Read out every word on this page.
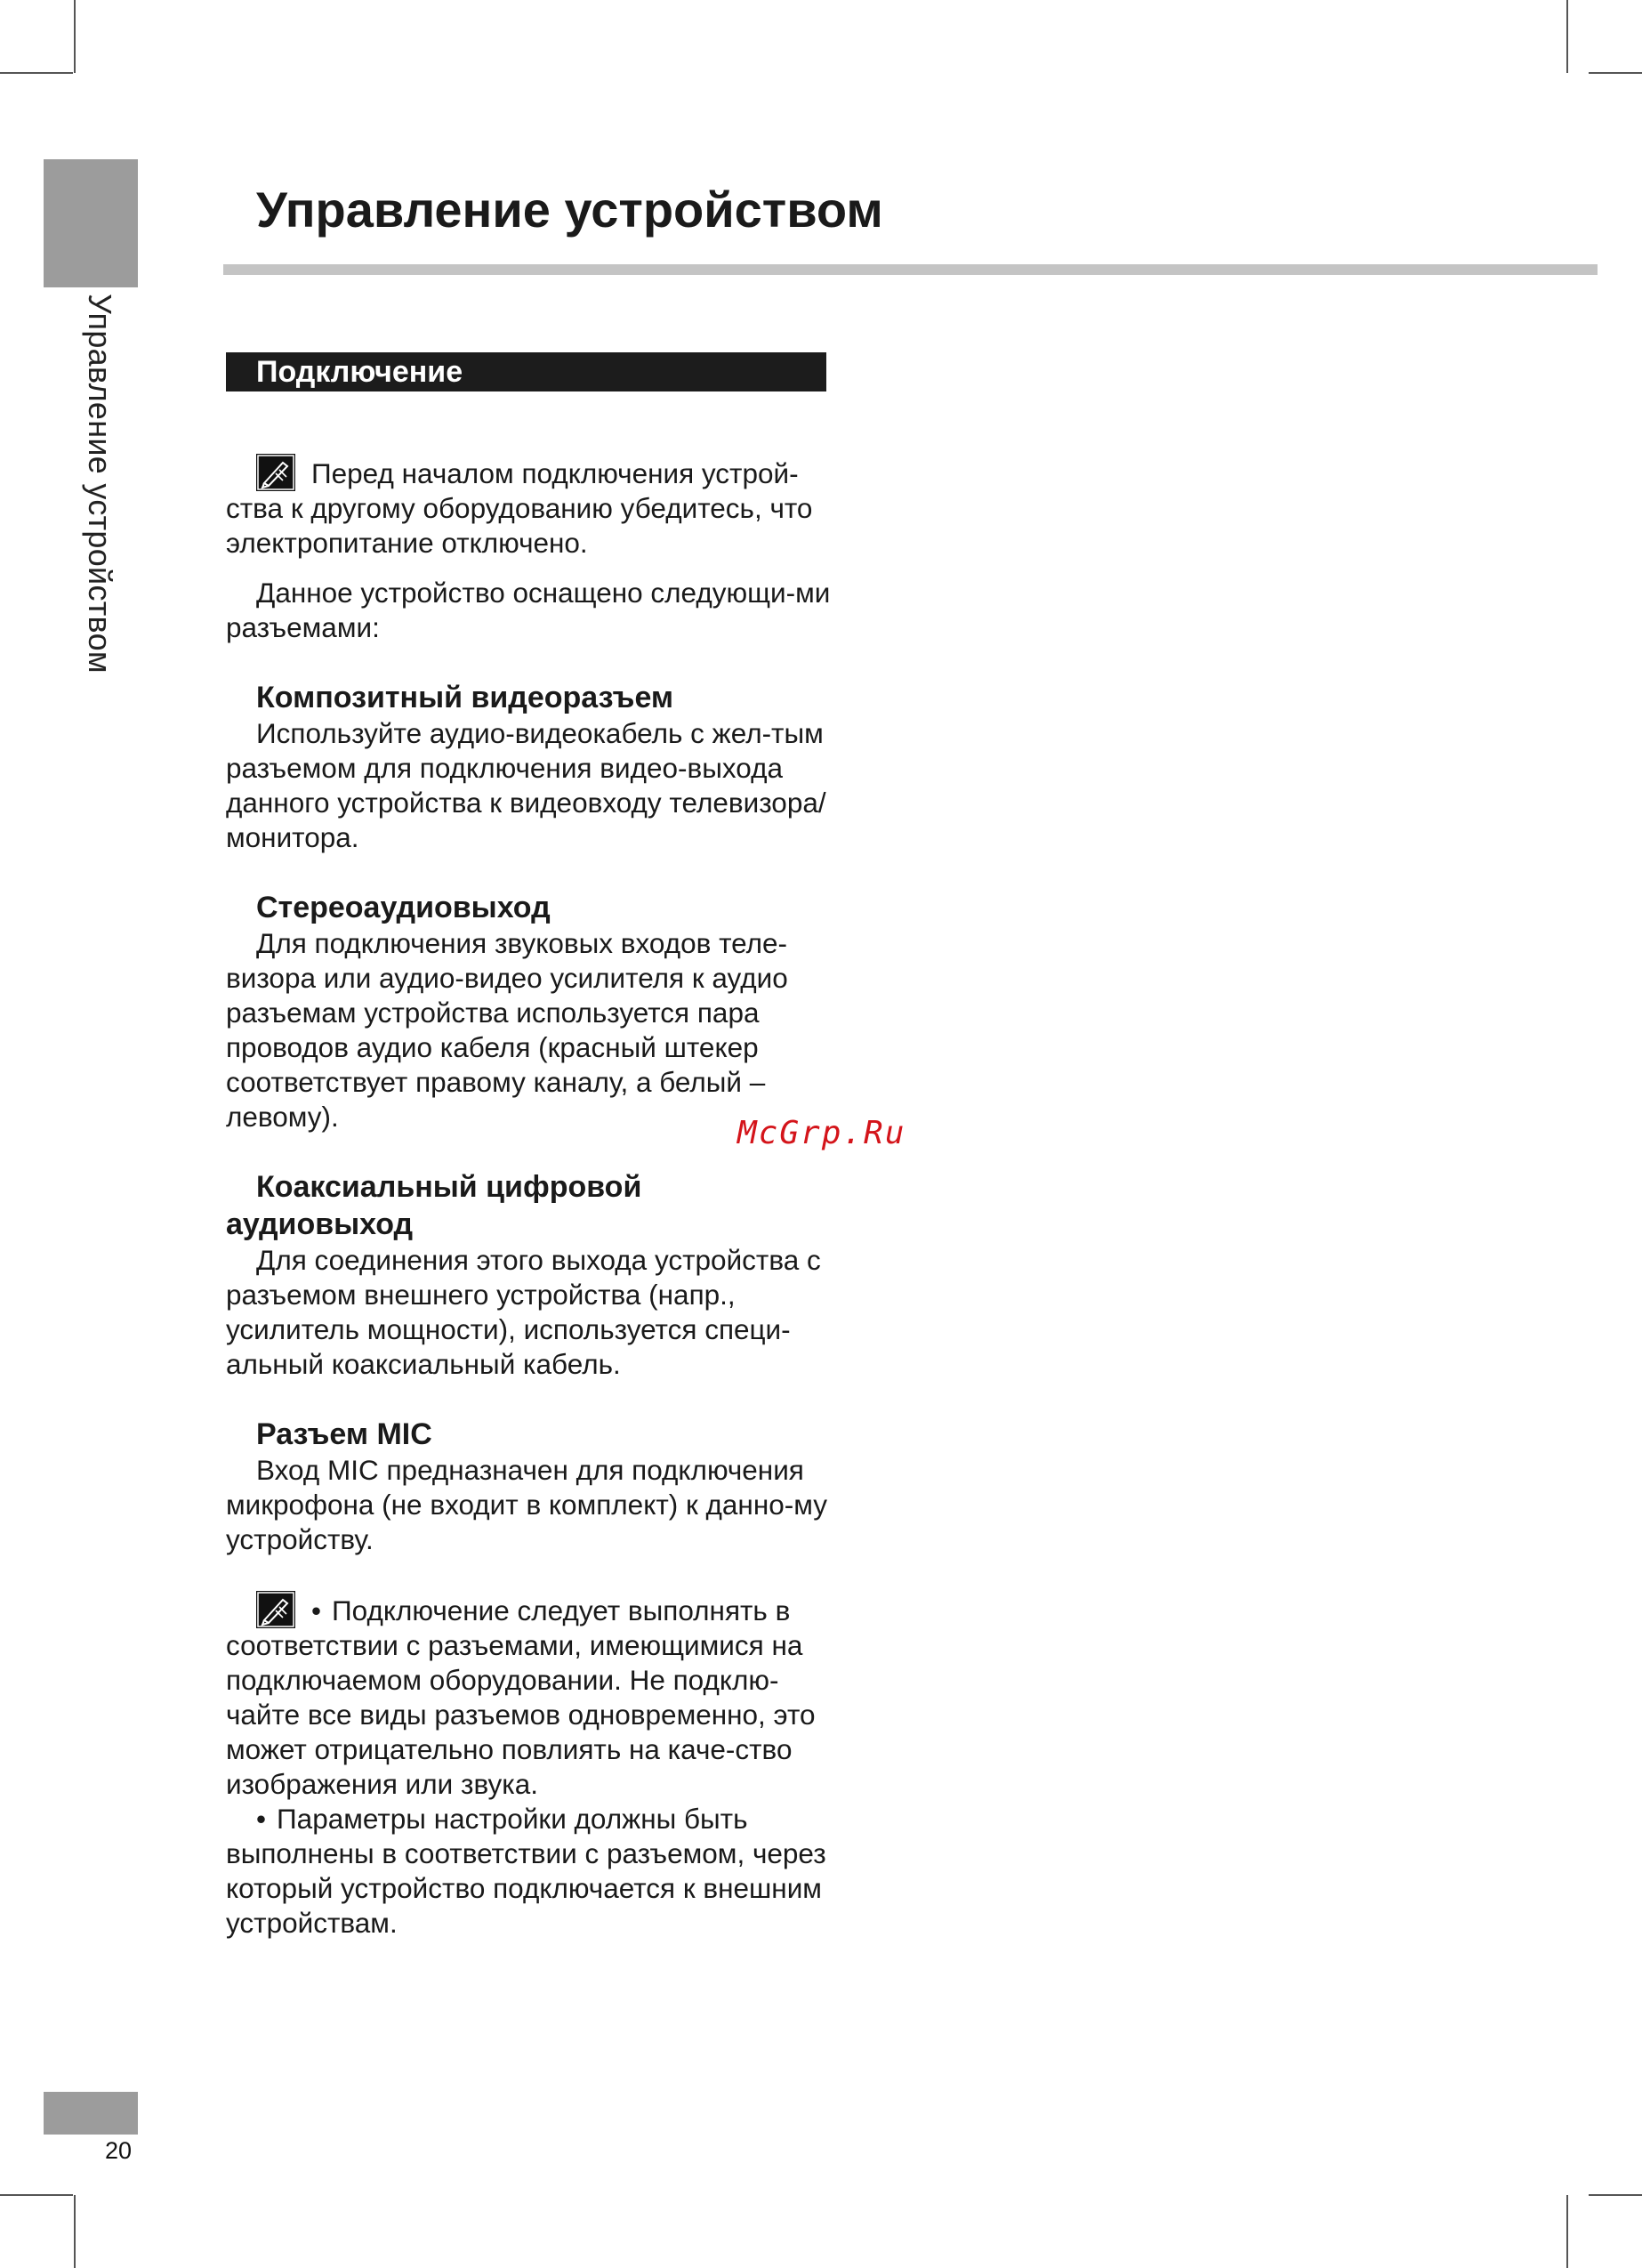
Управление устройством
Управление устройством
Подключение

Перед началом подключения устрой-ства к другому оборудованию убедитесь, что электропитание отключено.

Данное устройство оснащено следующи-ми разъемами:

Композитный видеоразъем

Используйте аудио-видеокабель с жел-тым разъемом для подключения видео-выхода данного устройства к видеовходу телевизора/монитора.

Стереоаудиовыход

Для подключения звуковых входов теле-визора или аудио-видео усилителя к аудио разъемам устройства используется пара проводов аудио кабеля (красный штекер соответствует правому каналу, а белый – левому).

Коаксиальный цифровой аудиовыход

Для соединения этого выхода устройства с разъемом внешнего устройства (напр., усилитель мощности), используется специ-альный коаксиальный кабель.

Разъем MIC

Вход MIC предназначен для подключения микрофона (не входит в комплект) к данно-му устройству.

• Подключение следует выполнять в соответствии с разъемами, имеющимися на подключаемом оборудовании. Не подклю-чайте все виды разъемов одновременно, это может отрицательно повлиять на каче-ство изображения или звука.

• Параметры настройки должны быть выполнены в соответствии с разъемом, через который устройство подключается к внешним устройствам.

McGrp.Ru
20
